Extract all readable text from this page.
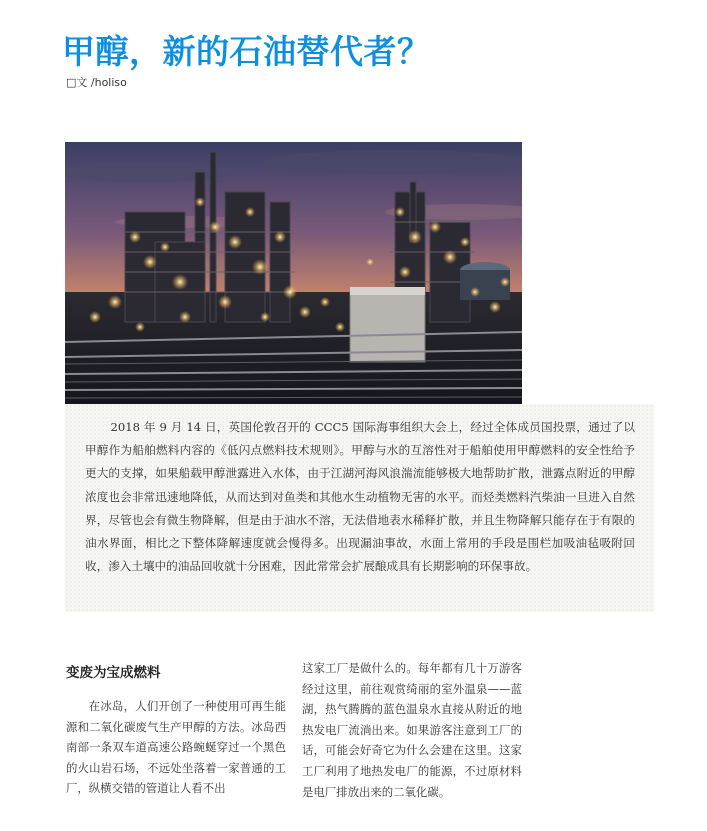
甲醇，新的石油替代者？
□文 /holiso

2018 年 9 月 14 日，英国伦敦召开的 CCC5 国际海事组织大会上，经过全体成员国投票，通过了以甲醇作为船舶燃料内容的《低闪点燃料技术规则》。甲醇与水的互溶性对于船舶使用甲醇燃料的安全性给予更大的支撑，如果船载甲醇泄露进入水体，由于江湖河海风浪湍流能够极大地帮助扩散，泄露点附近的甲醇浓度也会非常迅速地降低，从而达到对鱼类和其他水生动植物无害的水平。而烃类燃料汽柴油一旦进入自然界，尽管也会有微生物降解，但是由于油水不溶，无法借地表水稀释扩散，并且生物降解只能存在于有限的油水界面，相比之下整体降解速度就会慢得多。出现漏油事故，水面上常用的手段是围栏加吸油毡吸附回收，渗入土壤中的油品回收就十分困难，因此常常会扩展酿成具有长期影响的环保事故。

变废为宝成燃料

在冰岛，人们开创了一种使用可再生能源和二氧化碳废气生产甲醇的方法。冰岛西南部一条双车道高速公路蜿蜒穿过一个黑色的火山岩石场，不远处坐落着一家普通的工厂，纵横交错的管道让人看不出

这家工厂是做什么的。每年都有几十万游客经过这里，前往观赏绮丽的室外温泉——蓝湖，热气腾腾的蓝色温泉水直接从附近的地热发电厂流淌出来。如果游客注意到工厂的话，可能会好奇它为什么会建在这里。这家工厂利用了地热发电厂的能源，不过原材料是电厂排放出来的二氧化碳。
